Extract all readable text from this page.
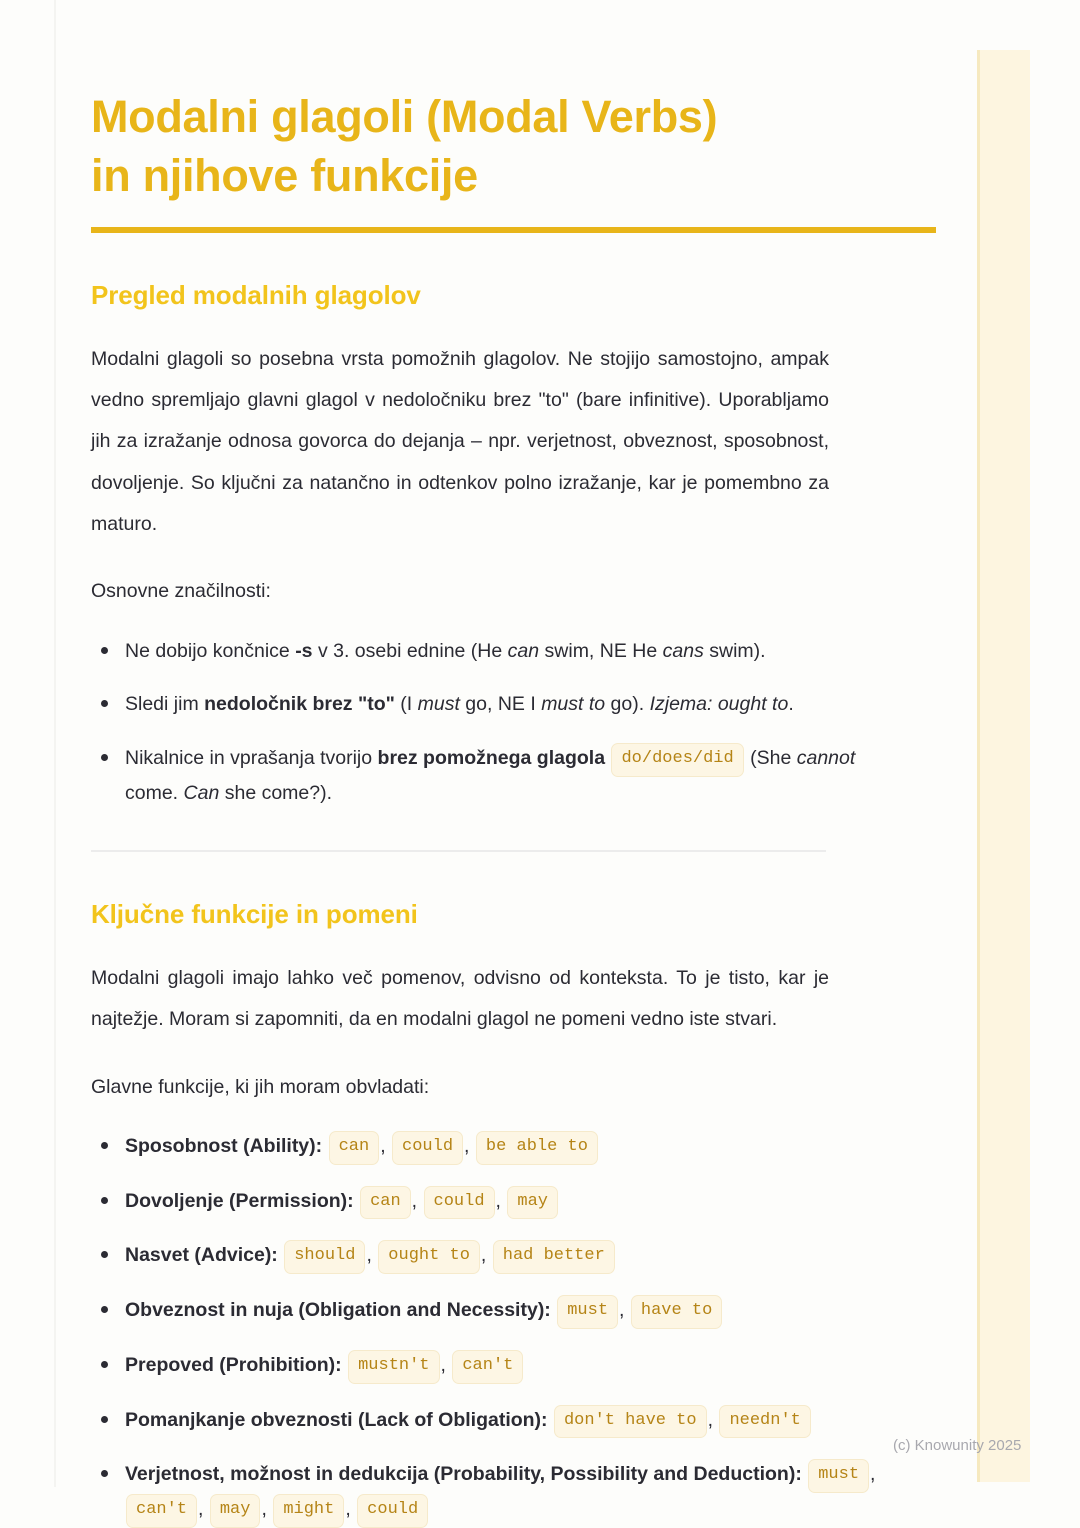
Modalni glagoli (Modal Verbs)
in njihove funkcije
Pregled modalnih glagolov

Modalni glagoli so posebna vrsta pomožnih glagolov. Ne stojijo samostojno, ampak vedno spremljajo glavni glagol v nedoločniku brez "to" (bare infinitive). Uporabljamo jih za izražanje odnosa govorca do dejanja – npr. verjetnost, obveznost, sposobnost, dovoljenje. So ključni za natančno in odtenkov polno izražanje, kar je pomembno za maturo.

Osnovne značilnosti:

Ne dobijo končnice -s v 3. osebi ednine (He can swim, NE He cans swim).
Sledi jim nedoločnik brez "to" (I must go, NE I must to go). Izjema: ought to.
Nikalnice in vprašanja tvorijo brez pomožnega glagola do/does/did (She cannot come. Can she come?).
Ključne funkcije in pomeni

Modalni glagoli imajo lahko več pomenov, odvisno od konteksta. To je tisto, kar je najtežje. Moram si zapomniti, da en modalni glagol ne pomeni vedno iste stvari.

Glavne funkcije, ki jih moram obvladati:

Sposobnost (Ability): can , could , be able to
Dovoljenje (Permission): can , could , may
Nasvet (Advice): should , ought to , had better
Obveznost in nuja (Obligation and Necessity): must , have to
Prepoved (Prohibition): mustn't , can't
Pomanjkanje obveznosti (Lack of Obligation): don't have to , needn't
Verjetnost, možnost in dedukcija (Probability, Possibility and Deduction): must , can't , may , might , could
(c) Knowunity 2025
